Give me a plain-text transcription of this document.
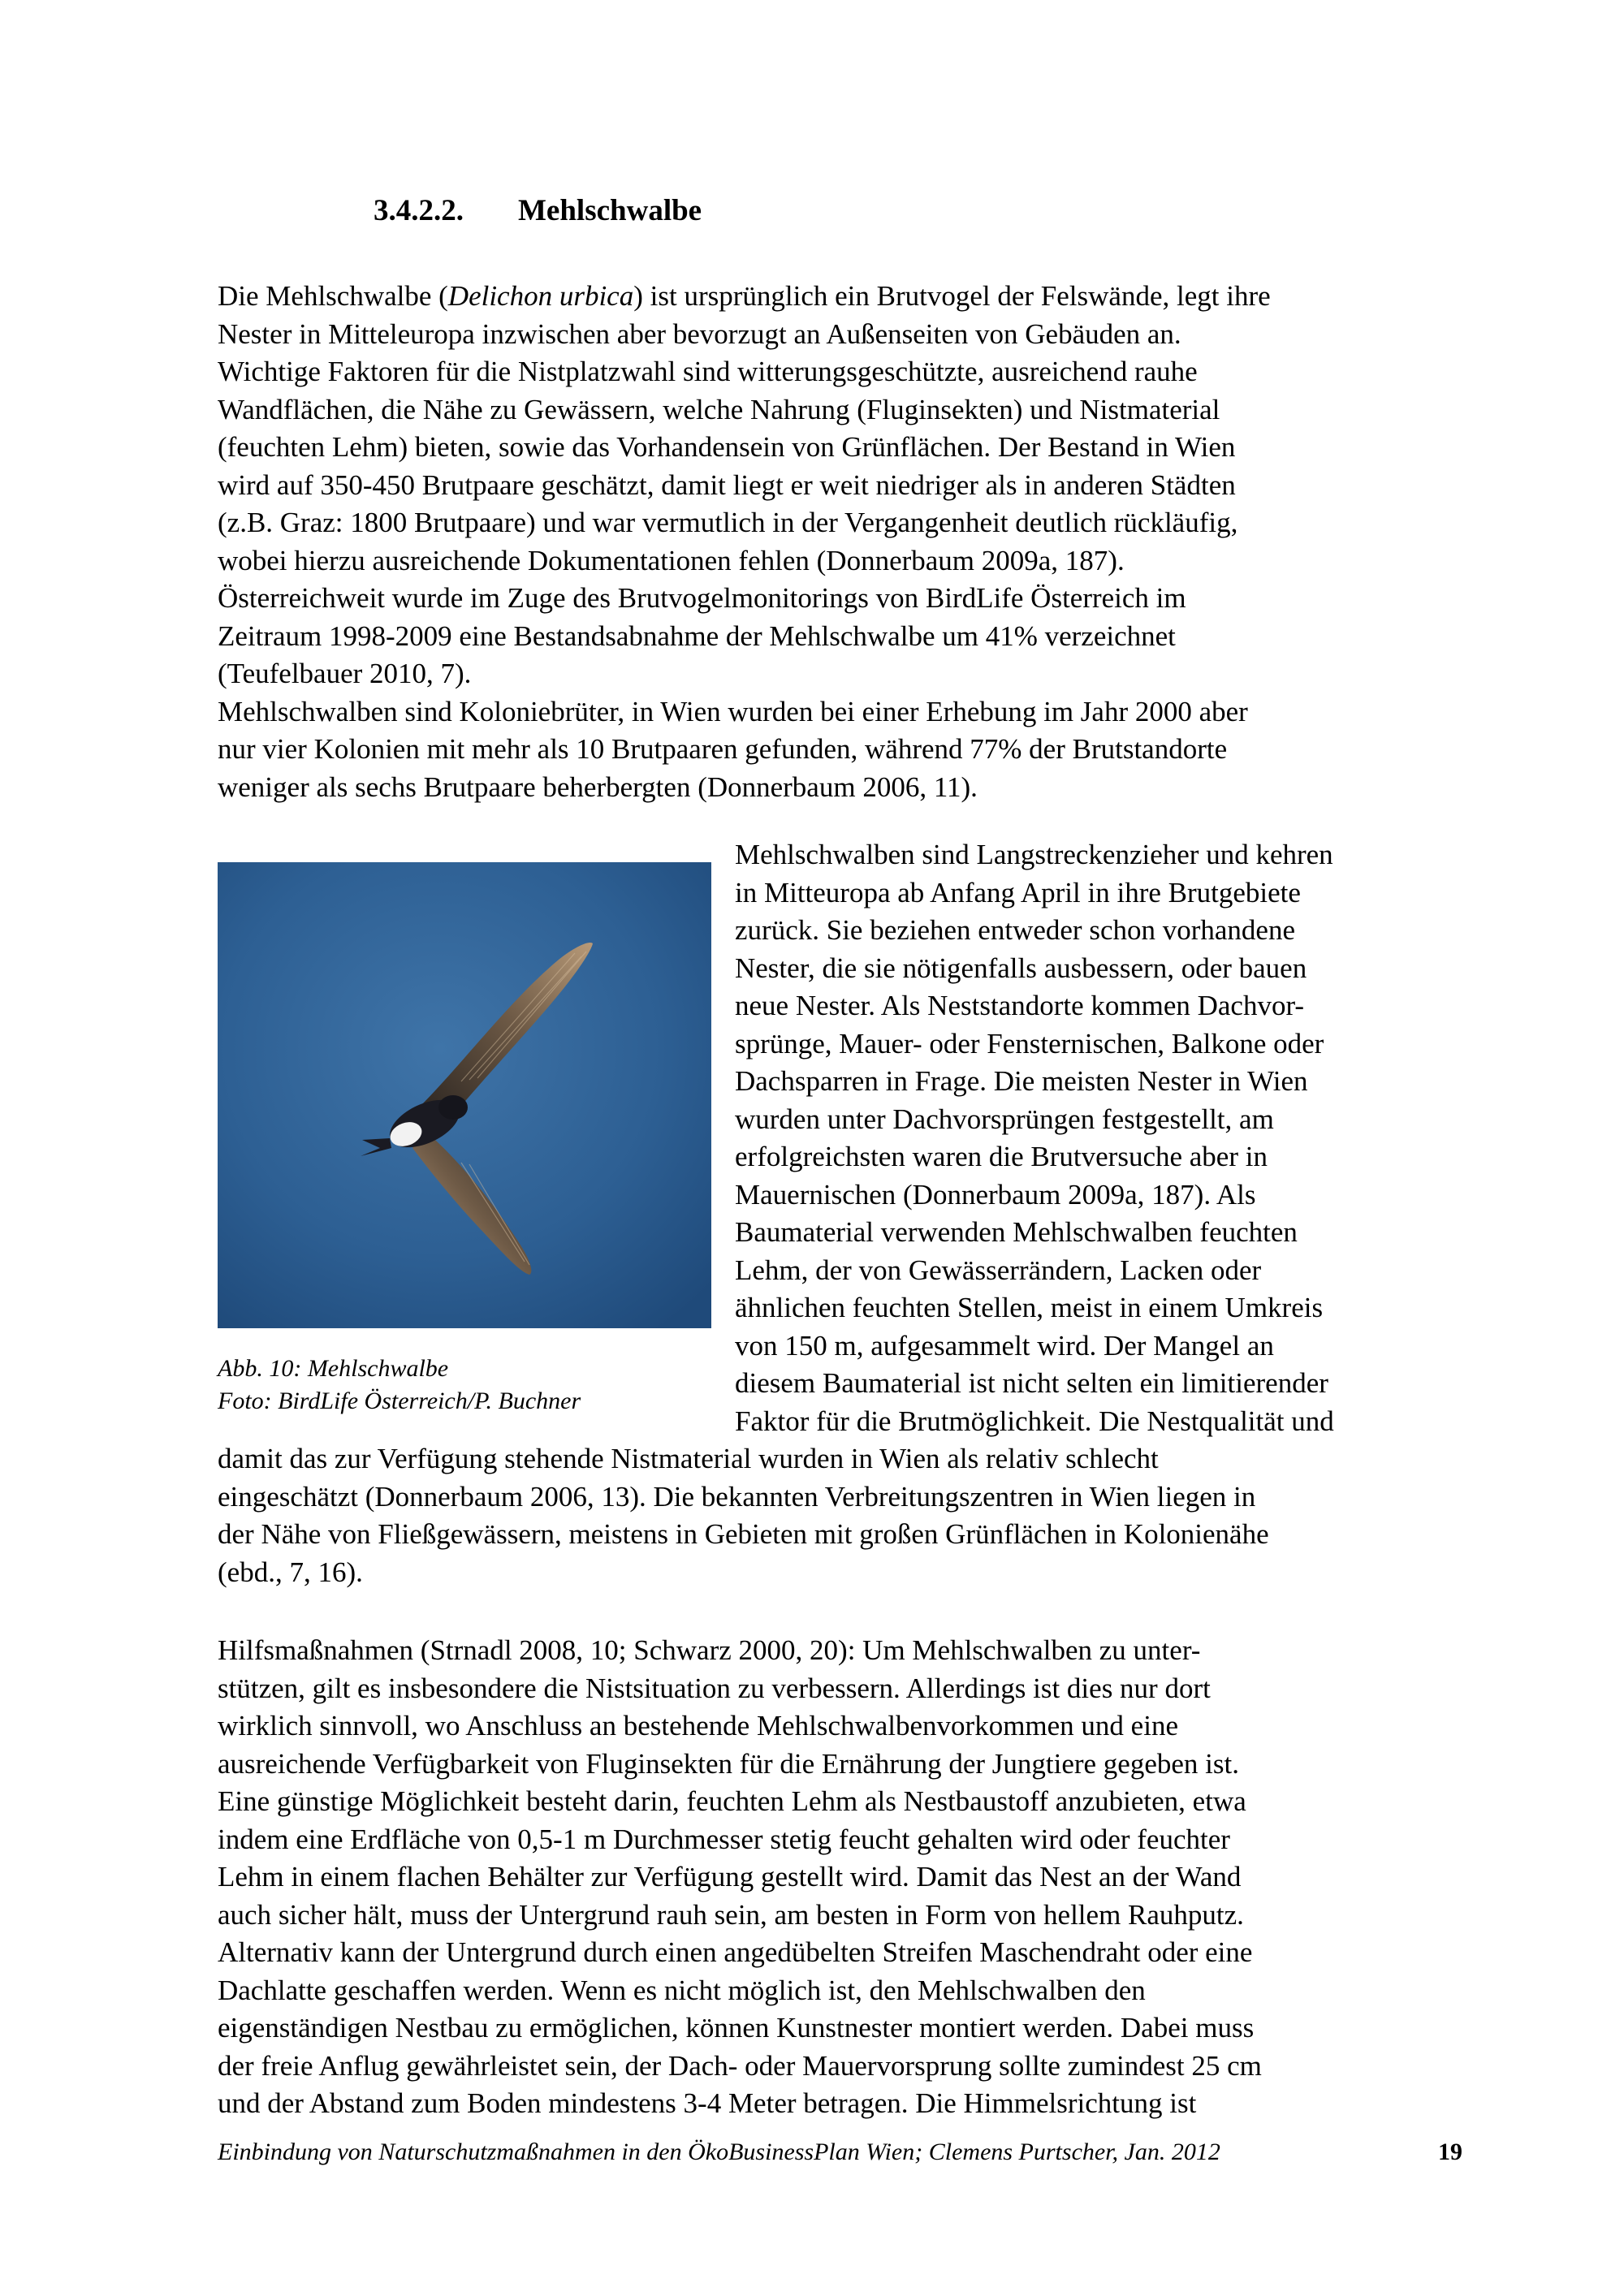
3.4.2.2. Mehlschwalbe
Die Mehlschwalbe (Delichon urbica) ist ursprünglich ein Brutvogel der Felswände, legt ihre
Nester in Mitteleuropa inzwischen aber bevorzugt an Außenseiten von Gebäuden an.
Wichtige Faktoren für die Nistplatzwahl sind witterungsgeschützte, ausreichend rauhe
Wandflächen, die Nähe zu Gewässern, welche Nahrung (Fluginsekten) und Nistmaterial
(feuchten Lehm) bieten, sowie das Vorhandensein von Grünflächen. Der Bestand in Wien
wird auf 350-450 Brutpaare geschätzt, damit liegt er weit niedriger als in anderen Städten
(z.B. Graz: 1800 Brutpaare) und war vermutlich in der Vergangenheit deutlich rückläufig,
wobei hierzu ausreichende Dokumentationen fehlen (Donnerbaum 2009a, 187).
Österreichweit wurde im Zuge des Brutvogelmonitorings von BirdLife Österreich im
Zeitraum 1998-2009 eine Bestandsabnahme der Mehlschwalbe um 41% verzeichnet
(Teufelbauer 2010, 7).
Mehlschwalben sind Koloniebrüter, in Wien wurden bei einer Erhebung im Jahr 2000 aber
nur vier Kolonien mit mehr als 10 Brutpaaren gefunden, während 77% der Brutstandorte
weniger als sechs Brutpaare beherbergten (Donnerbaum 2006, 11).
Abb. 10: Mehlschwalbe
Foto: BirdLife Österreich/P. Buchner
Mehlschwalben sind Langstreckenzieher und kehren
in Mitteuropa ab Anfang April in ihre Brutgebiete
zurück. Sie beziehen entweder schon vorhandene
Nester, die sie nötigenfalls ausbessern, oder bauen
neue Nester. Als Neststandorte kommen Dachvor-
sprünge, Mauer- oder Fensternischen, Balkone oder
Dachsparren in Frage. Die meisten Nester in Wien
wurden unter Dachvorsprüngen festgestellt, am
erfolgreichsten waren die Brutversuche aber in
Mauernischen (Donnerbaum 2009a, 187). Als
Baumaterial verwenden Mehlschwalben feuchten
Lehm, der von Gewässerrändern, Lacken oder
ähnlichen feuchten Stellen, meist in einem Umkreis
von 150 m, aufgesammelt wird. Der Mangel an
diesem Baumaterial ist nicht selten ein limitierender
Faktor für die Brutmöglichkeit. Die Nestqualität und
damit das zur Verfügung stehende Nistmaterial wurden in Wien als relativ schlecht
eingeschätzt (Donnerbaum 2006, 13). Die bekannten Verbreitungszentren in Wien liegen in
der Nähe von Fließgewässern, meistens in Gebieten mit großen Grünflächen in Kolonienähe
(ebd., 7, 16).
Hilfsmaßnahmen (Strnadl 2008, 10; Schwarz 2000, 20): Um Mehlschwalben zu unter-
stützen, gilt es insbesondere die Nistsituation zu verbessern. Allerdings ist dies nur dort
wirklich sinnvoll, wo Anschluss an bestehende Mehlschwalbenvorkommen und eine
ausreichende Verfügbarkeit von Fluginsekten für die Ernährung der Jungtiere gegeben ist.
Eine günstige Möglichkeit besteht darin, feuchten Lehm als Nestbaustoff anzubieten, etwa
indem eine Erdfläche von 0,5-1 m Durchmesser stetig feucht gehalten wird oder feuchter
Lehm in einem flachen Behälter zur Verfügung gestellt wird. Damit das Nest an der Wand
auch sicher hält, muss der Untergrund rauh sein, am besten in Form von hellem Rauhputz.
Alternativ kann der Untergrund durch einen angedübelten Streifen Maschendraht oder eine
Dachlatte geschaffen werden. Wenn es nicht möglich ist, den Mehlschwalben den
eigenständigen Nestbau zu ermöglichen, können Kunstnester montiert werden. Dabei muss
der freie Anflug gewährleistet sein, der Dach- oder Mauervorsprung sollte zumindest 25 cm
und der Abstand zum Boden mindestens 3-4 Meter betragen. Die Himmelsrichtung ist
Einbindung von Naturschutzmaßnahmen in den ÖkoBusinessPlan Wien; Clemens Purtscher, Jan. 2012	19
